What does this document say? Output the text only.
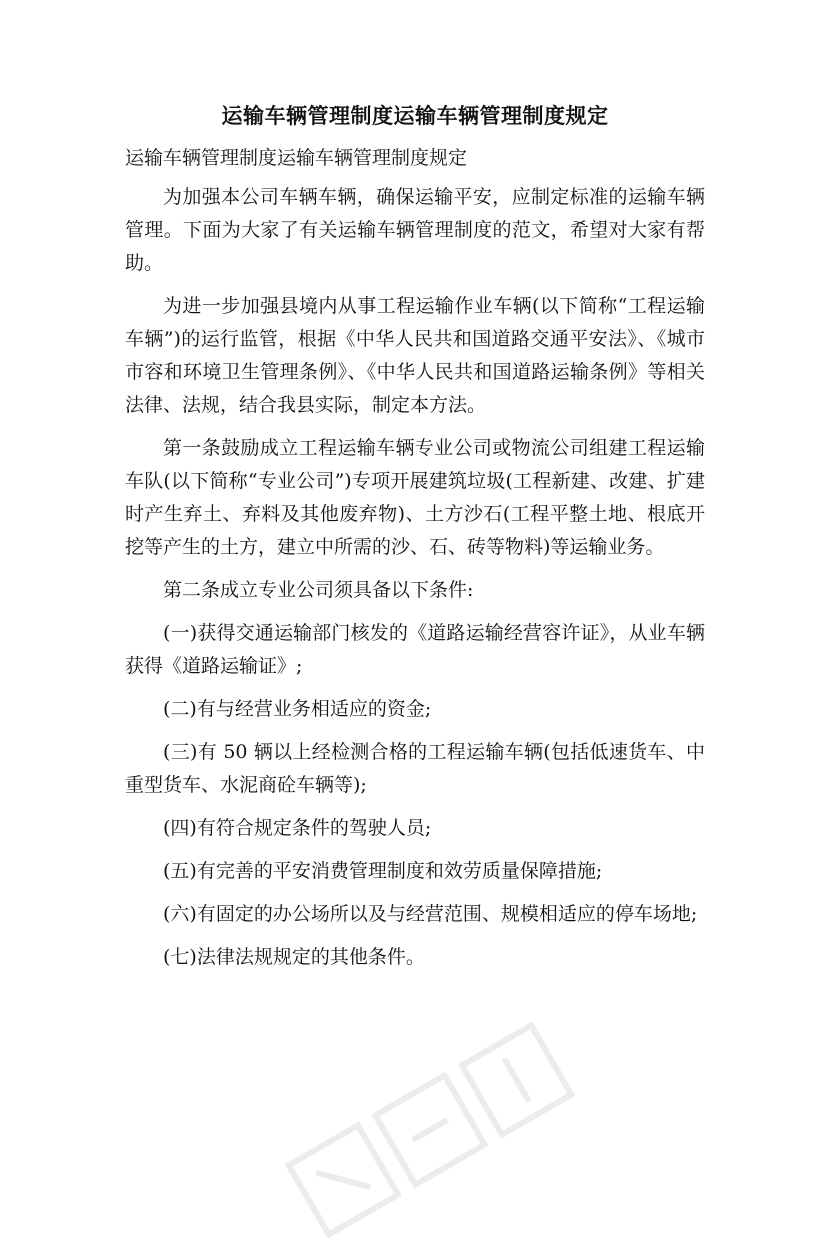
运输车辆管理制度运输车辆管理制度规定

运输车辆管理制度运输车辆管理制度规定

为加强本公司车辆车辆，确保运输平安，应制定标准的运输车辆管理。下面为大家了有关运输车辆管理制度的范文，希望对大家有帮助。

为进一步加强县境内从事工程运输作业车辆(以下简称“工程运输车辆”)的运行监管，根据《中华人民共和国道路交通平安法》、《城市市容和环境卫生管理条例》、《中华人民共和国道路运输条例》等相关法律、法规，结合我县实际，制定本方法。

第一条鼓励成立工程运输车辆专业公司或物流公司组建工程运输车队(以下简称“专业公司”)专项开展建筑垃圾(工程新建、改建、扩建时产生弃土、弃料及其他废弃物)、土方沙石(工程平整土地、根底开挖等产生的土方，建立中所需的沙、石、砖等物料)等运输业务。

第二条成立专业公司须具备以下条件:

(一)获得交通运输部门核发的《道路运输经营容许证》，从业车辆获得《道路运输证》;

(二)有与经营业务相适应的资金;

(三)有 50 辆以上经检测合格的工程运输车辆(包括低速货车、中重型货车、水泥商砼车辆等);

(四)有符合规定条件的驾驶人员;

(五)有完善的平安消费管理制度和效劳质量保障措施;

(六)有固定的办公场所以及与经营范围、规模相适应的停车场地;

(七)法律法规规定的其他条件。
